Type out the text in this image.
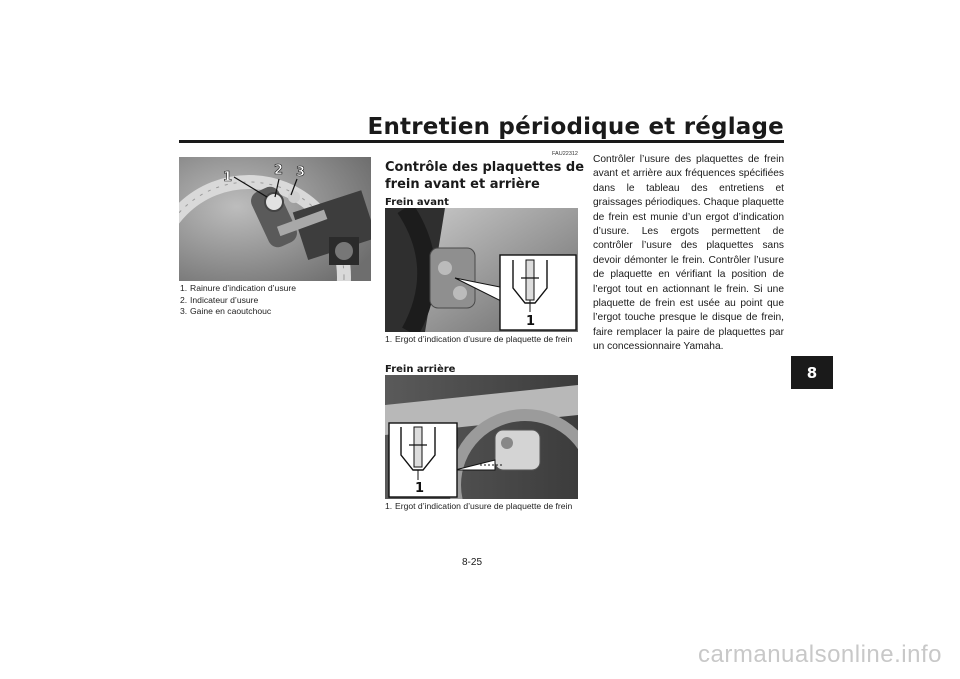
Entretien périodique et réglage
8
1	2 3
1. Rainure d’indication d’usure
2. Indicateur d’usure
3. Gaine en caoutchouc
FAU22312
Contrôle des plaquettes de frein avant et arrière
Frein avant
1
1. Ergot d’indication d’usure de plaquette de frein
Frein arrière
1
1. Ergot d’indication d’usure de plaquette de frein
Contrôler l’usure des plaquettes de frein avant et arrière aux fréquences spécifiées dans le tableau des entretiens et graissages périodiques. Chaque plaquette de frein est munie d’un ergot d’indication d’usure. Les ergots permettent de contrôler l’usure des plaquettes sans devoir démonter le frein. Contrôler l’usure de plaquette en vérifiant la position de l’ergot tout en actionnant le frein. Si une plaquette de frein est usée au point que l’ergot touche presque le disque de frein, faire remplacer la paire de plaquettes par un concessionnaire Yamaha.
8-25
carmanualsonline.info
